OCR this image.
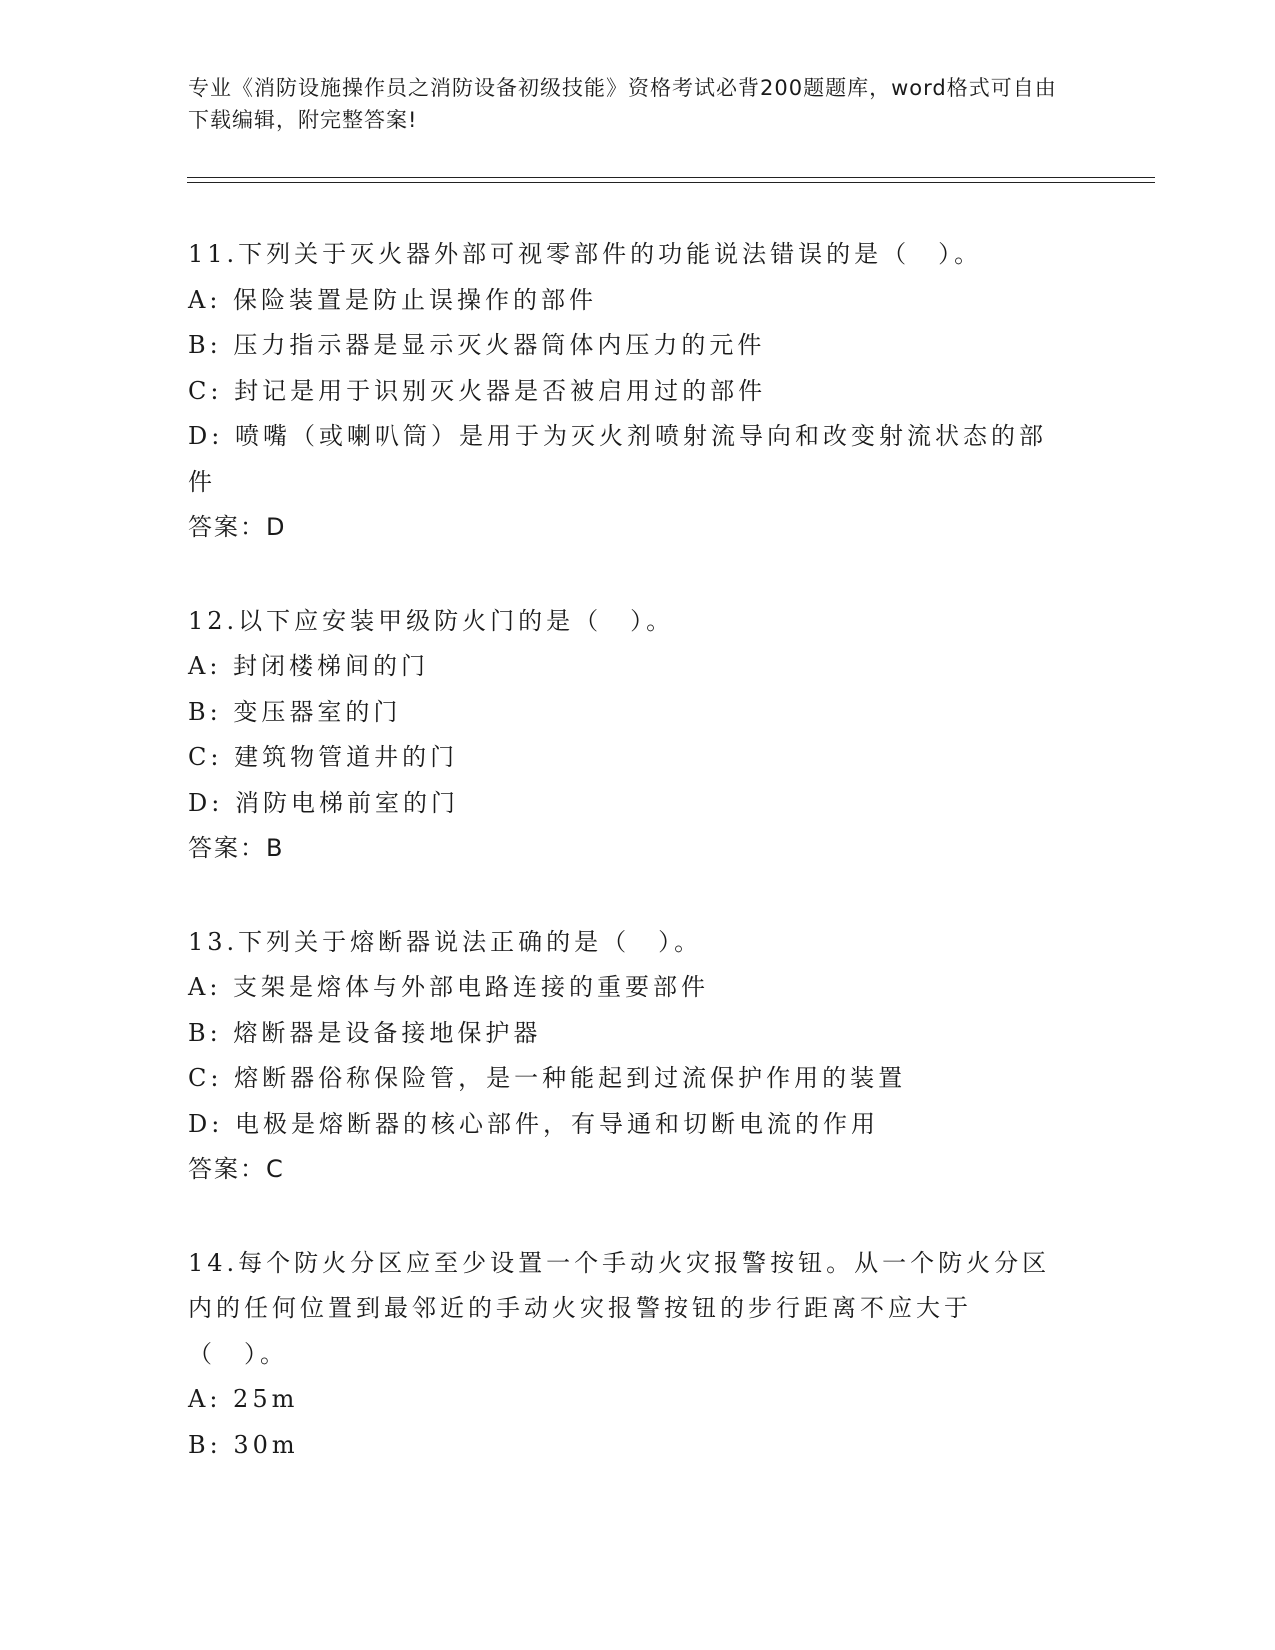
专业《消防设施操作员之消防设备初级技能》资格考试必背200题题库，word格式可自由下载编辑，附完整答案!
11.下列关于灭火器外部可视零部件的功能说法错误的是（　）。
A: 保险装置是防止误操作的部件
B: 压力指示器是显示灭火器筒体内压力的元件
C: 封记是用于识别灭火器是否被启用过的部件
D: 喷嘴（或喇叭筒）是用于为灭火剂喷射流导向和改变射流状态的部件
答案：D
12.以下应安装甲级防火门的是（　）。
A: 封闭楼梯间的门
B: 变压器室的门
C: 建筑物管道井的门
D: 消防电梯前室的门
答案：B
13.下列关于熔断器说法正确的是（　）。
A: 支架是熔体与外部电路连接的重要部件
B: 熔断器是设备接地保护器
C: 熔断器俗称保险管，是一种能起到过流保护作用的装置
D: 电极是熔断器的核心部件，有导通和切断电流的作用
答案：C
14.每个防火分区应至少设置一个手动火灾报警按钮。从一个防火分区内的任何位置到最邻近的手动火灾报警按钮的步行距离不应大于（　）。
A: 25m
B: 30m
